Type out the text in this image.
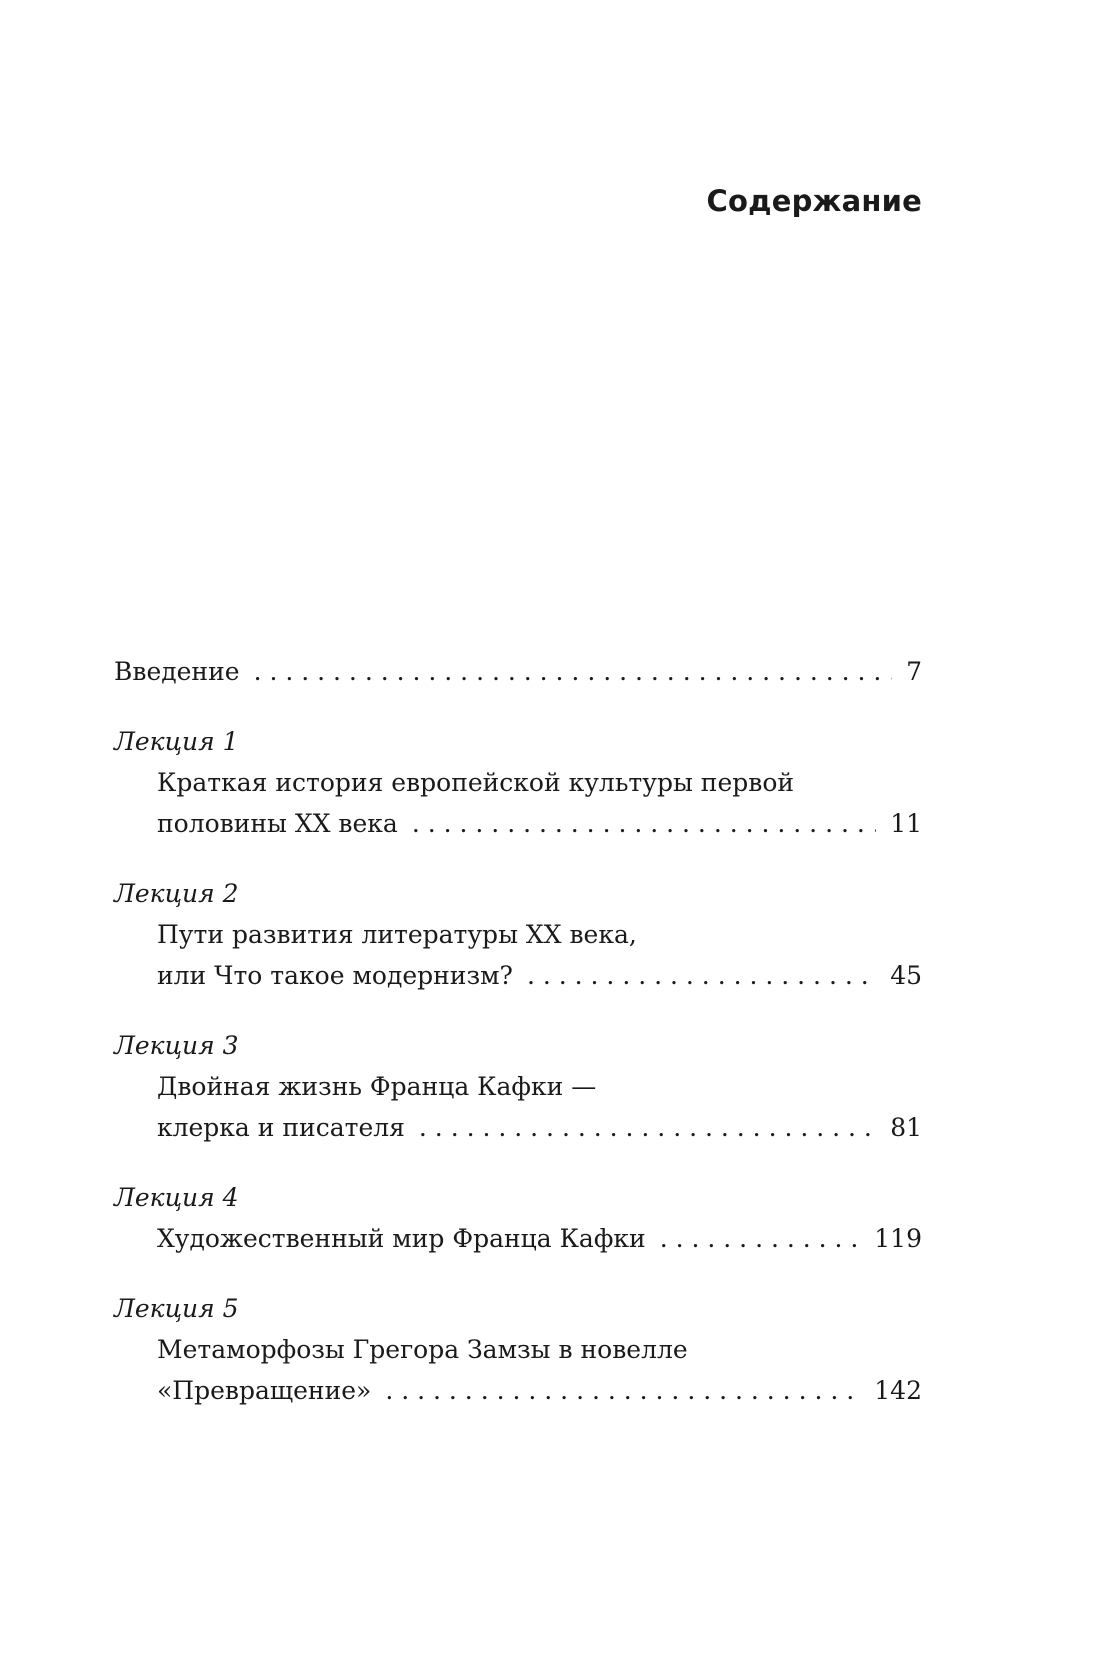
Содержание
Введение . . .	7
Лекция 1
Краткая история европейской культуры первой
половины XX века . . .	11
Лекция 2
Пути развития литературы XX века,
или Что такое модернизм? . . .	45
Лекция 3
Двойная жизнь Франца Кафки —
клерка и писателя . . .	81
Лекция 4
Художественный мир Франца Кафки . . .	119
Лекция 5
Метаморфозы Грегора Замзы в новелле
«Превращение» . . .	142
